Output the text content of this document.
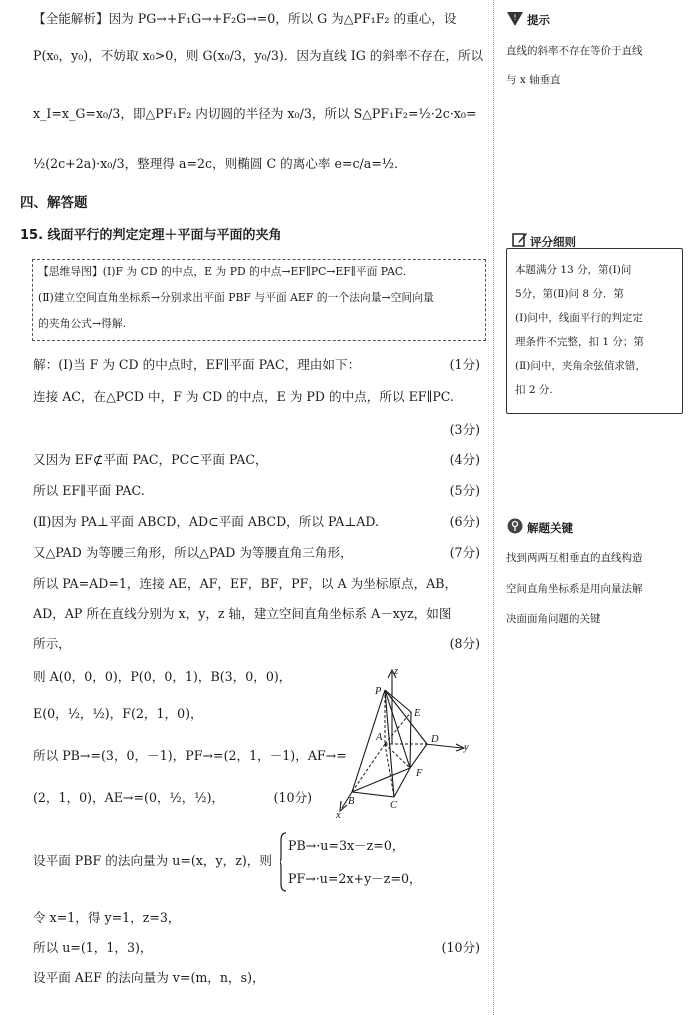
【全能解析】因为 PG→+F₁G→+F₂G→=0，所以 G 为△PF₁F₂ 的重心，设
P(x₀，y₀)，不妨取 x₀>0，则 G(x₀/3，y₀/3)．因为直线 IG 的斜率不存在，所以
x_I=x_G=x₀/3，即△PF₁F₂ 内切圆的半径为 x₀/3，所以 S△PF₁F₂=½·2c·x₀=
½(2c+2a)·x₀/3，整理得 a=2c，则椭圆 C 的离心率 e=c/a=½.
四、解答题
15. 线面平行的判定定理＋平面与平面的夹角
【思维导图】(Ⅰ)F 为 CD 的中点，E 为 PD 的中点→EF∥PC→EF∥平面 PAC.
(Ⅱ)建立空间直角坐标系→分别求出平面 PBF 与平面 AEF 的一个法向量→空间向量
的夹角公式→得解.
解：(Ⅰ)当 F 为 CD 的中点时，EF∥平面 PAC，理由如下：	(1分)
连接 AC，在△PCD 中，F 为 CD 的中点，E 为 PD 的中点，所以 EF∥PC.
(3分)
又因为 EF⊄平面 PAC，PC⊂平面 PAC，	(4分)
所以 EF∥平面 PAC.	(5分)
(Ⅱ)因为 PA⊥平面 ABCD，AD⊂平面 ABCD，所以 PA⊥AD.	(6分)
又△PAD 为等腰三角形，所以△PAD 为等腰直角三角形，	(7分)
所以 PA=AD=1，连接 AE，AF，EF，BF，PF，以 A 为坐标原点，AB，
AD，AP 所在直线分别为 x，y，z 轴，建立空间直角坐标系 A－xyz，如图
所示，	(8分)
则 A(0，0，0)，P(0，0，1)，B(3，0，0)，
E(0，½，½)，F(2，1，0)，
所以 PB→=(3，0，－1)，PF→=(2，1，－1)，AF→=
(2，1，0)，AE→=(0，½，½)，	(10分)
设平面 PBF 的法向量为 u=(x，y，z)，则
PB→·u=3x－z=0，
PF→·u=2x+y－z=0，
令 x=1，得 y=1，z=3，
所以 u=(1，1，3)，	(10分)
设平面 AEF 的法向量为 v=(m，n，s)，
z
P
E
A	D
y
F
B	C
x
! 提示
直线的斜率不存在等价于直线
与 x 轴垂直
评分细则
本题满分 13 分，第(Ⅰ)问
5分，第(Ⅱ)问 8 分．第
(Ⅰ)问中，线面平行的判定定
理条件不完整，扣 1 分；第
(Ⅱ)问中，夹角余弦值求错，
扣 2 分.
解题关键
找到两两互相垂直的直线构造
空间直角坐标系是用向量法解
决面面角问题的关键
